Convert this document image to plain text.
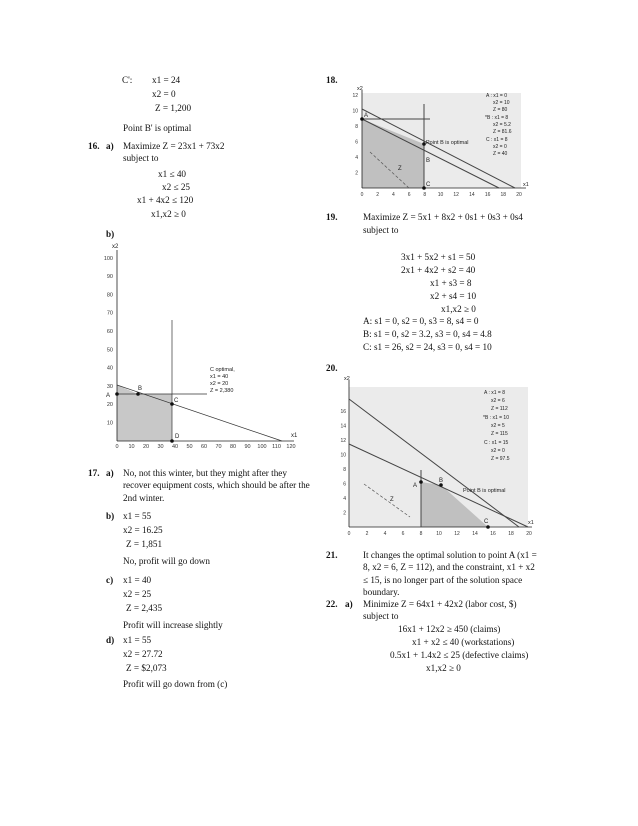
C': x1 = 24
x2 = 0
Z = 1,200
Point B' is optimal
16. a) Maximize Z = 23x1 + 73x2
subject to
x1 ≤ 40
x2 ≤ 25
x1 + 4x2 ≤ 120
x1,x2 ≥ 0
b)
0 10 20 30 40 50 60 70 80 90 100 110 120
10
20
30
40
50
60
70
80
90
100
A
B
C
D
C optimal,
x1 = 40
x2 = 20
Z = 2,380
x2
x1
17. a) No, not this winter, but they might after they recover equipment costs, which should be after the 2nd winter.
b) x1 = 55
x2 = 16.25
Z = 1,851
No, profit will go down
c) x1 = 40
x2 = 25
Z = 2,435
Profit will increase slightly
d) x1 = 55
x2 = 27.72
Z = $2,073
Profit will go down from (c)
18.
0	2	4	6	8 10 12 14 16 18 20
2
4
6
8
10
12
A
B
C
Z
Point B is optimal
A : x1 = 0
x2 = 10
Z = 80
*B : x1 = 8
x2 = 5.2
Z = 81.6
C : x1 = 8
x2 = 0
Z = 40
x2
x1
19.	Maximize Z = 5x1 + 8x2 + 0s1 + 0s3 + 0s4
subject to
3x1 + 5x2 + s1 = 50
2x1 + 4x2 + s2 = 40
x1 + s3 = 8
x2 + s4 = 10
x1,x2 ≥ 0
A: s1 = 0, s2 = 0, s3 = 8, s4 = 0
B: s1 = 0, s2 = 3.2, s3 = 0, s4 = 4.8
C: s1 = 26, s2 = 24, s3 = 0, s4 = 10
20.
0	2	4	6	8	10 12 14 16 18 20
2
4
6
8
10
12
14
16
A
B
C
Z
Point B is optimal
A : x1 = 8
x2 = 6
Z = 112
*B : x1 = 10
x2 = 5
Z = 115
C : x1 = 15
x2 = 0
Z = 97.5
x2
x1
21.	It changes the optimal solution to point A (x1 = 8, x2 = 6, Z = 112), and the constraint, x1 + x2 ≤ 15, is no longer part of the solution space boundary.
22. a) Minimize Z = 64x1 + 42x2 (labor cost, $)
subject to
16x1 + 12x2 ≥ 450 (claims)
x1 + x2 ≤ 40 (workstations)
0.5x1 + 1.4x2 ≤ 25 (defective claims)
x1,x2 ≥ 0
